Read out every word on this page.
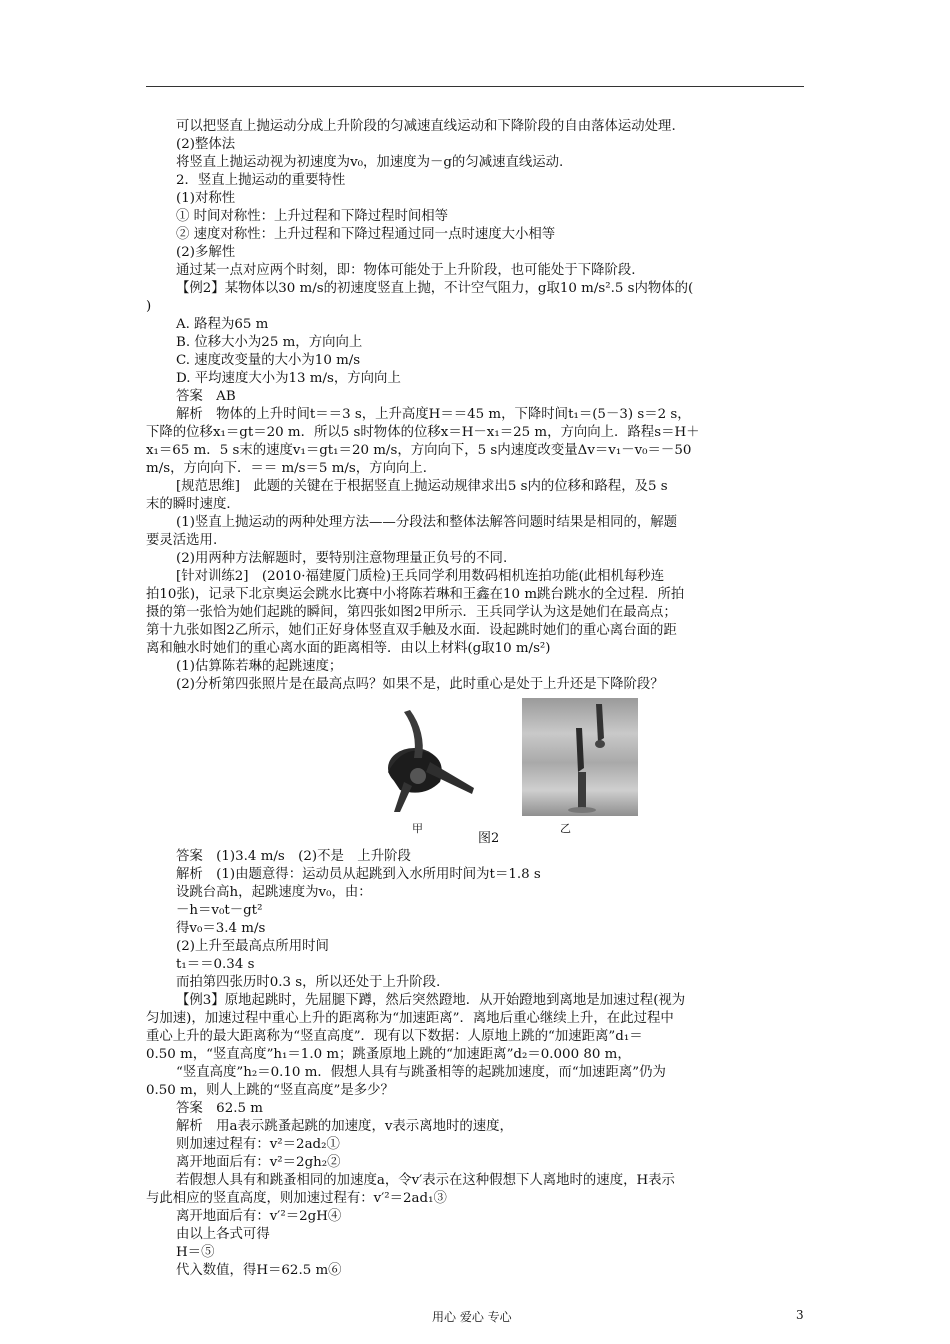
可以把竖直上抛运动分成上升阶段的匀减速直线运动和下降阶段的自由落体运动处理.
(2)整体法
将竖直上抛运动视为初速度为v₀，加速度为－g的匀减速直线运动.
2．竖直上抛运动的重要特性
(1)对称性
① 时间对称性：上升过程和下降过程时间相等
② 速度对称性：上升过程和下降过程通过同一点时速度大小相等
(2)多解性
通过某一点对应两个时刻，即：物体可能处于上升阶段，也可能处于下降阶段.
【例2】某物体以30 m/s的初速度竖直上抛，不计空气阻力，g取10 m/s².5 s内物体的(
)
A. 路程为65 m
B. 位移大小为25 m，方向向上
C. 速度改变量的大小为10 m/s
D. 平均速度大小为13 m/s，方向向上
答案　AB
解析　物体的上升时间t＝＝3 s，上升高度H＝＝45 m，下降时间t₁＝(5－3) s＝2 s，
下降的位移x₁＝gt＝20 m．所以5 s时物体的位移x＝H－x₁＝25 m，方向向上．路程s＝H＋
x₁＝65 m．5 s末的速度v₁＝gt₁＝20 m/s，方向向下，5 s内速度改变量Δv＝v₁－v₀＝－50
m/s，方向向下．＝＝ m/s＝5 m/s，方向向上．
[规范思维]　此题的关键在于根据竖直上抛运动规律求出5 s内的位移和路程，及5 s
末的瞬时速度．
(1)竖直上抛运动的两种处理方法——分段法和整体法解答问题时结果是相同的，解题
要灵活选用.
(2)用两种方法解题时，要特别注意物理量正负号的不同.
[针对训练2]　(2010·福建厦门质检)王兵同学利用数码相机连拍功能(此相机每秒连
拍10张)，记录下北京奥运会跳水比赛中小将陈若琳和王鑫在10 m跳台跳水的全过程．所拍
摄的第一张恰为她们起跳的瞬间，第四张如图2甲所示．王兵同学认为这是她们在最高点；
第十九张如图2乙所示，她们正好身体竖直双手触及水面．设起跳时她们的重心离台面的距
离和触水时她们的重心离水面的距离相等．由以上材料(g取10 m/s²)
(1)估算陈若琳的起跳速度；
(2)分析第四张照片是在最高点吗？如果不是，此时重心是处于上升还是下降阶段？
甲	乙
图2
答案　(1)3.4 m/s　(2)不是　上升阶段
解析　(1)由题意得：运动员从起跳到入水所用时间为t＝1.8 s
设跳台高h，起跳速度为v₀，由：
－h＝v₀t－gt²
得v₀＝3.4 m/s
(2)上升至最高点所用时间
t₁＝＝0.34 s
而拍第四张历时0.3 s，所以还处于上升阶段．
【例3】原地起跳时，先屈腿下蹲，然后突然蹬地．从开始蹬地到离地是加速过程(视为
匀加速)，加速过程中重心上升的距离称为“加速距离”．离地后重心继续上升，在此过程中
重心上升的最大距离称为“竖直高度”．现有以下数据：人原地上跳的“加速距离”d₁＝
0.50 m，“竖直高度”h₁＝1.0 m；跳蚤原地上跳的“加速距离”d₂＝0.000 80 m，
“竖直高度”h₂＝0.10 m．假想人具有与跳蚤相等的起跳加速度，而“加速距离”仍为
0.50 m，则人上跳的“竖直高度”是多少？
答案　62.5 m
解析　用a表示跳蚤起跳的加速度，v表示离地时的速度，
则加速过程有：v²＝2ad₂①
离开地面后有：v²＝2gh₂②
若假想人具有和跳蚤相同的加速度a，令v′表示在这种假想下人离地时的速度，H表示
与此相应的竖直高度，则加速过程有：v′²＝2ad₁③
离开地面后有：v′²＝2gH④
由以上各式可得
H＝⑤
代入数值，得H＝62.5 m⑥
用心 爱心 专心	3
